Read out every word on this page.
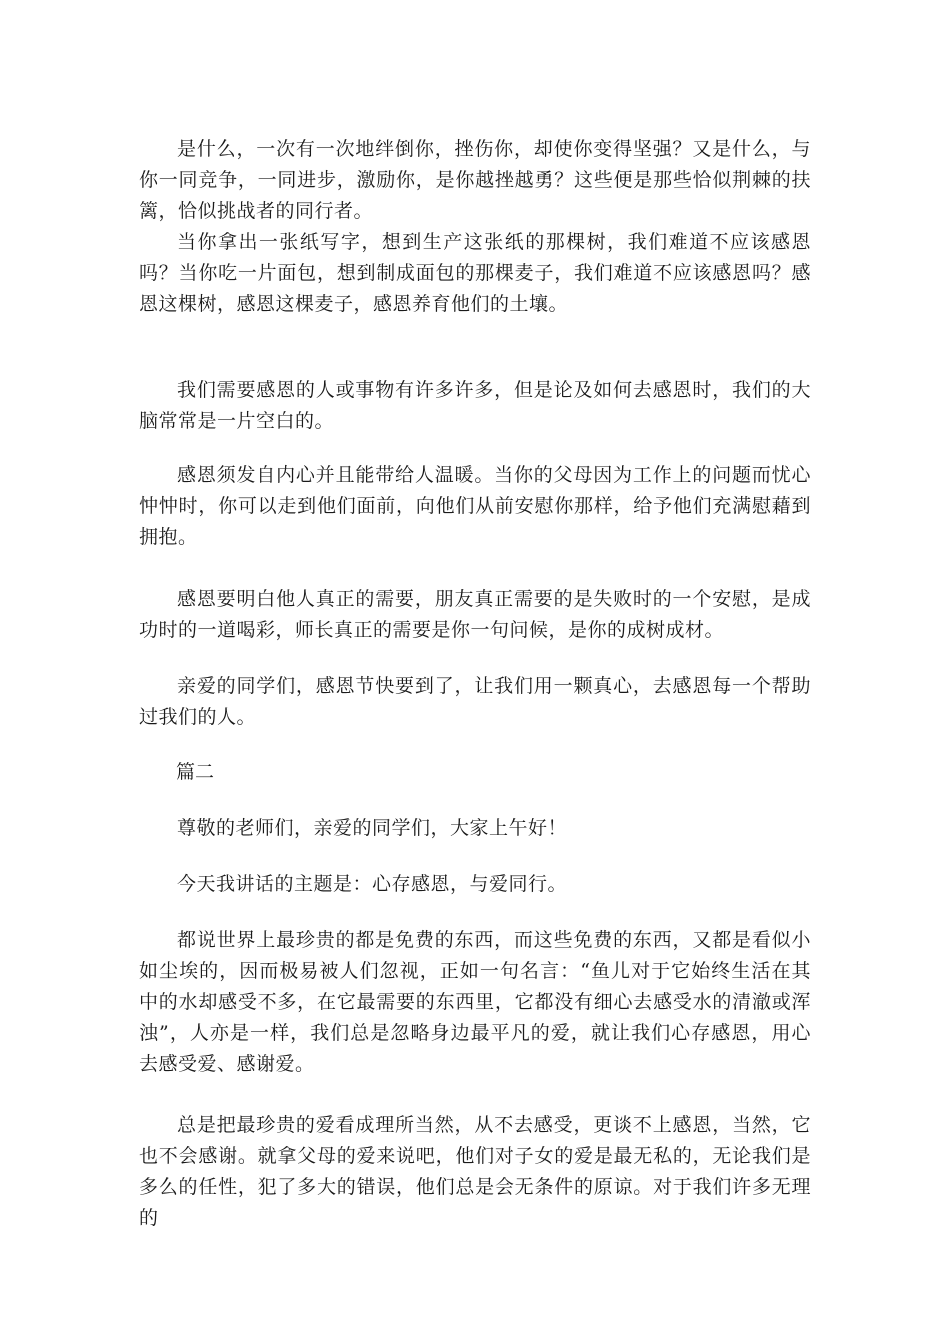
是什么，一次有一次地绊倒你，挫伤你，却使你变得坚强？又是什么，与你一同竞争，一同进步，激励你，是你越挫越勇？这些便是那些恰似荆棘的扶篱，恰似挑战者的同行者。

当你拿出一张纸写字，想到生产这张纸的那棵树，我们难道不应该感恩吗？当你吃一片面包，想到制成面包的那棵麦子，我们难道不应该感恩吗？感恩这棵树，感恩这棵麦子，感恩养育他们的土壤。

我们需要感恩的人或事物有许多许多，但是论及如何去感恩时，我们的大脑常常是一片空白的。

感恩须发自内心并且能带给人温暖。当你的父母因为工作上的问题而忧心忡忡时，你可以走到他们面前，向他们从前安慰你那样，给予他们充满慰藉到拥抱。

感恩要明白他人真正的需要，朋友真正需要的是失败时的一个安慰，是成功时的一道喝彩，师长真正的需要是你一句问候，是你的成树成材。

亲爱的同学们，感恩节快要到了，让我们用一颗真心，去感恩每一个帮助过我们的人。

篇二

尊敬的老师们，亲爱的同学们，大家上午好！

今天我讲话的主题是：心存感恩，与爱同行。

都说世界上最珍贵的都是免费的东西，而这些免费的东西，又都是看似小如尘埃的，因而极易被人们忽视，正如一句名言：“鱼儿对于它始终生活在其中的水却感受不多，在它最需要的东西里，它都没有细心去感受水的清澈或浑浊”，人亦是一样，我们总是忽略身边最平凡的爱，就让我们心存感恩，用心去感受爱、感谢爱。

总是把最珍贵的爱看成理所当然，从不去感受，更谈不上感恩，当然，它也不会感谢。就拿父母的爱来说吧，他们对子女的爱是最无私的，无论我们是多么的任性，犯了多大的错误，他们总是会无条件的原谅。对于我们许多无理的
